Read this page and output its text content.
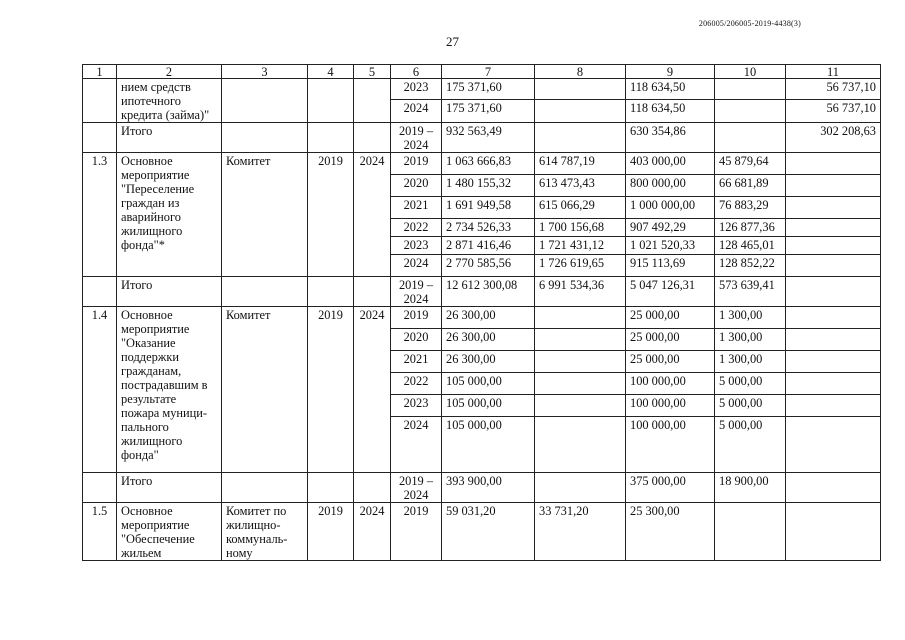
206005/206005-2019-4438(3)
27
1	2	3	4	5	6	7	8	9	10	11
	нием средств ипотечного кредита (займа)"				2023	175 371,60		118 634,50		56 737,10
					2024	175 371,60		118 634,50		56 737,10
	Итого				2019 – 2024	932 563,49		630 354,86		302 208,63
1.3	Основное мероприятие "Переселение граждан из аварийного жилищного фонда"*	Комитет	2019	2024	2019	1 063 666,83	614 787,19	403 000,00	45 879,64	
					2020	1 480 155,32	613 473,43	800 000,00	66 681,89	
					2021	1 691 949,58	615 066,29	1 000 000,00	76 883,29	
					2022	2 734 526,33	1 700 156,68	907 492,29	126 877,36	
					2023	2 871 416,46	1 721 431,12	1 021 520,33	128 465,01	
					2024	2 770 585,56	1 726 619,65	915 113,69	128 852,22	
	Итого				2019 – 2024	12 612 300,08	6 991 534,36	5 047 126,31	573 639,41	
1.4	Основное мероприятие "Оказание поддержки гражданам, пострадавшим в результате пожара муници- пального жилищного фонда"	Комитет	2019	2024	2019	26 300,00		25 000,00	1 300,00	
					2020	26 300,00		25 000,00	1 300,00	
					2021	26 300,00		25 000,00	1 300,00	
					2022	105 000,00		100 000,00	5 000,00	
					2023	105 000,00		100 000,00	5 000,00	
					2024	105 000,00		100 000,00	5 000,00	
	Итого				2019 – 2024	393 900,00		375 000,00	18 900,00	
1.5	Основное мероприятие "Обеспечение жильем	Комитет по жилищно- коммуналь- ному	2019	2024	2019	59 031,20	33 731,20	25 300,00		
